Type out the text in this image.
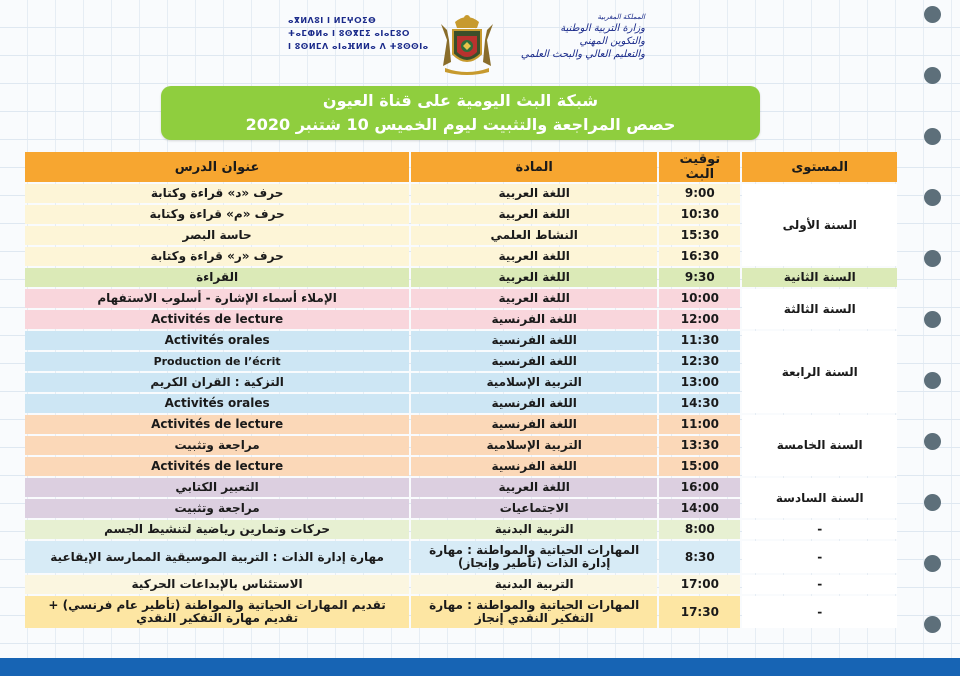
ⴰⴳⵍⴷⵓⵏ ⵏ ⵍⵎⵖⵔⵉⴱ
ⵜⴰⵎⵀⵍⴰ ⵏ ⵓⵙⴳⵎⵉ ⴰⵏⴰⵎⵓⵔ
ⵏ ⵓⵙⵍⵎⴷ ⴰⵏⴰⴼⵍⵍⴰ ⴷ ⵜⵓⵙⵙⵏⴰ
المملكة المغربية
وزارة التربية الوطنية
والتكوين المهني
والتعليم العالي والبحث العلمي
شبكة البث اليومية على قناة العيون
حصص المراجعة والتثبيت ليوم الخميس 10 شتنبر 2020
عنوان الدرس	المادة	توقيت البث	المستوى
حرف «د» قراءة وكتابة	اللغة العربية	9:00	السنة الأولى
حرف «م» قراءة وكتابة	اللغة العربية	10:30	
حاسة البصر	النشاط العلمي	15:30	
حرف «ر» قراءة وكتابة	اللغة العربية	16:30	
القراءة	اللغة العربية	9:30	السنة الثانية
الإملاء أسماء الإشارة - أسلوب الاستفهام	اللغة العربية	10:00	السنة الثالثة
Activités de lecture	اللغة الفرنسية	12:00	
Activités orales	اللغة الفرنسية	11:30	السنة الرابعة
Production de lʼécrit	اللغة الفرنسية	12:30	
التزكية : القران الكريم	التربية الإسلامية	13:00	
Activités orales	اللغة الفرنسية	14:30	
Activités de lecture	اللغة الفرنسية	11:00	السنة الخامسة
مراجعة وتثبيت	التربية الإسلامية	13:30	
Activités de lecture	اللغة الفرنسية	15:00	
التعبير الكتابي	اللغة العربية	16:00	السنة السادسة
مراجعة وتثبيت	الاجتماعيات	14:00	
حركات وتمارين رياضية لتنشيط الجسم	التربية البدنية	8:00	-
مهارة إدارة الذات : التربية الموسيقية الممارسة الإيقاعية	المهارات الحياتية والمواطنة : مهارة إدارة الذات (تأطير وإنجاز)	8:30	-
الاستئناس بالإبداعات الحركية	التربية البدنية	17:00	-
تقديم المهارات الحياتية والمواطنة (تأطير عام فرنسي) + تقديم مهارة التفكير النقدي	المهارات الحياتية والمواطنة : مهارة التفكير النقدي إنجاز	17:30	-
